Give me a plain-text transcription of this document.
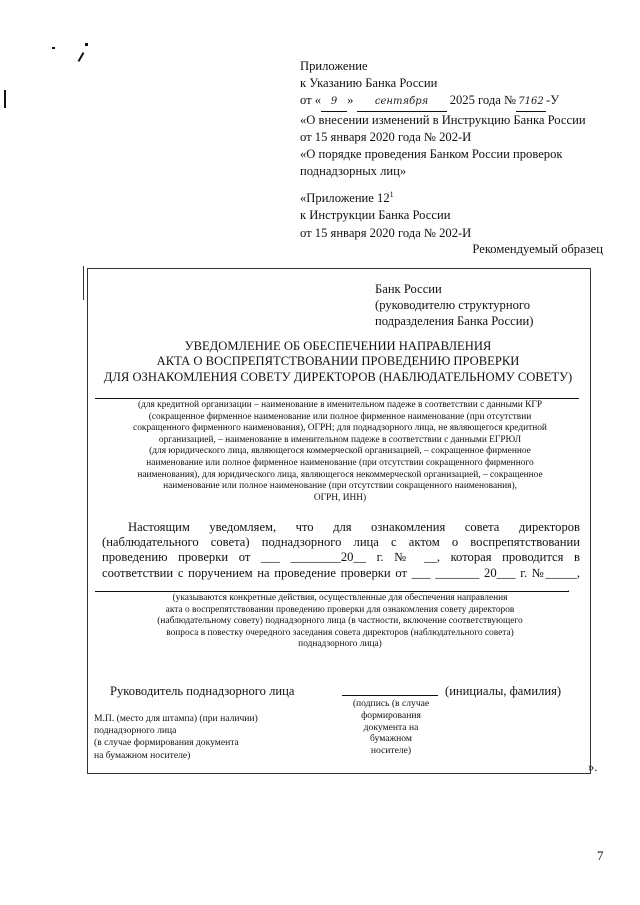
Приложение
к Указанию Банка России
от « 9 » сентября 2025 года № 7162 -У
«О внесении изменений в Инструкцию Банка России
от 15 января 2020 года № 202-И
«О порядке проведения Банком России проверок
поднадзорных лиц»
«Приложение $12^1$
к Инструкции Банка России
от 15 января 2020 года № 202-И
Рекомендуемый образец
Банк России
(руководителю структурного
подразделения Банка России)
УВЕДОМЛЕНИЕ ОБ ОБЕСПЕЧЕНИИ НАПРАВЛЕНИЯ
АКТА О ВОСПРЕПЯТСТВОВАНИИ ПРОВЕДЕНИЮ ПРОВЕРКИ
ДЛЯ ОЗНАКОМЛЕНИЯ СОВЕТУ ДИРЕКТОРОВ (НАБЛЮДАТЕЛЬНОМУ СОВЕТУ)
(для кредитной организации – наименование в именительном падеже в соответствии с данными КГР
(сокращенное фирменное наименование или полное фирменное наименование (при отсутствии
сокращенного фирменного наименования), ОГРН; для поднадзорного лица, не являющегося кредитной
организацией, – наименование в именительном падеже в соответствии с данными ЕГРЮЛ
(для юридического лица, являющегося коммерческой организацией, – сокращенное фирменное
наименование или полное фирменное наименование (при отсутствии сокращенного фирменного
наименования), для юридического лица, являющегося некоммерческой организацией, – сокращенное
наименование или полное наименование (при отсутствии сокращенного наименования),
ОГРН, ИНН)
Настоящим уведомляем, что для ознакомления совета директоров
(наблюдательного совета) поднадзорного лица с актом о воспрепятствовании
проведению проверки от ___ ________20__ г. № __, которая проводится в
соответствии с поручением на проведение проверки от ___ _______ 20___ г. №_____,
.
(указываются конкретные действия, осуществленные для обеспечения направления
акта о воспрепятствовании проведению проверки для ознакомления совету директоров
(наблюдательному совету) поднадзорного лица (в частности, включение соответствующего
вопроса в повестку очередного заседания совета директоров (наблюдательного совета)
поднадзорного лица)
Руководитель поднадзорного лица	(инициалы, фамилия)
(подпись (в случае
формирования
документа на
бумажном
носителе)
М.П. (место для штампа) (при наличии)
поднадзорного лица
(в случае формирования документа
на бумажном носителе)
».
7
